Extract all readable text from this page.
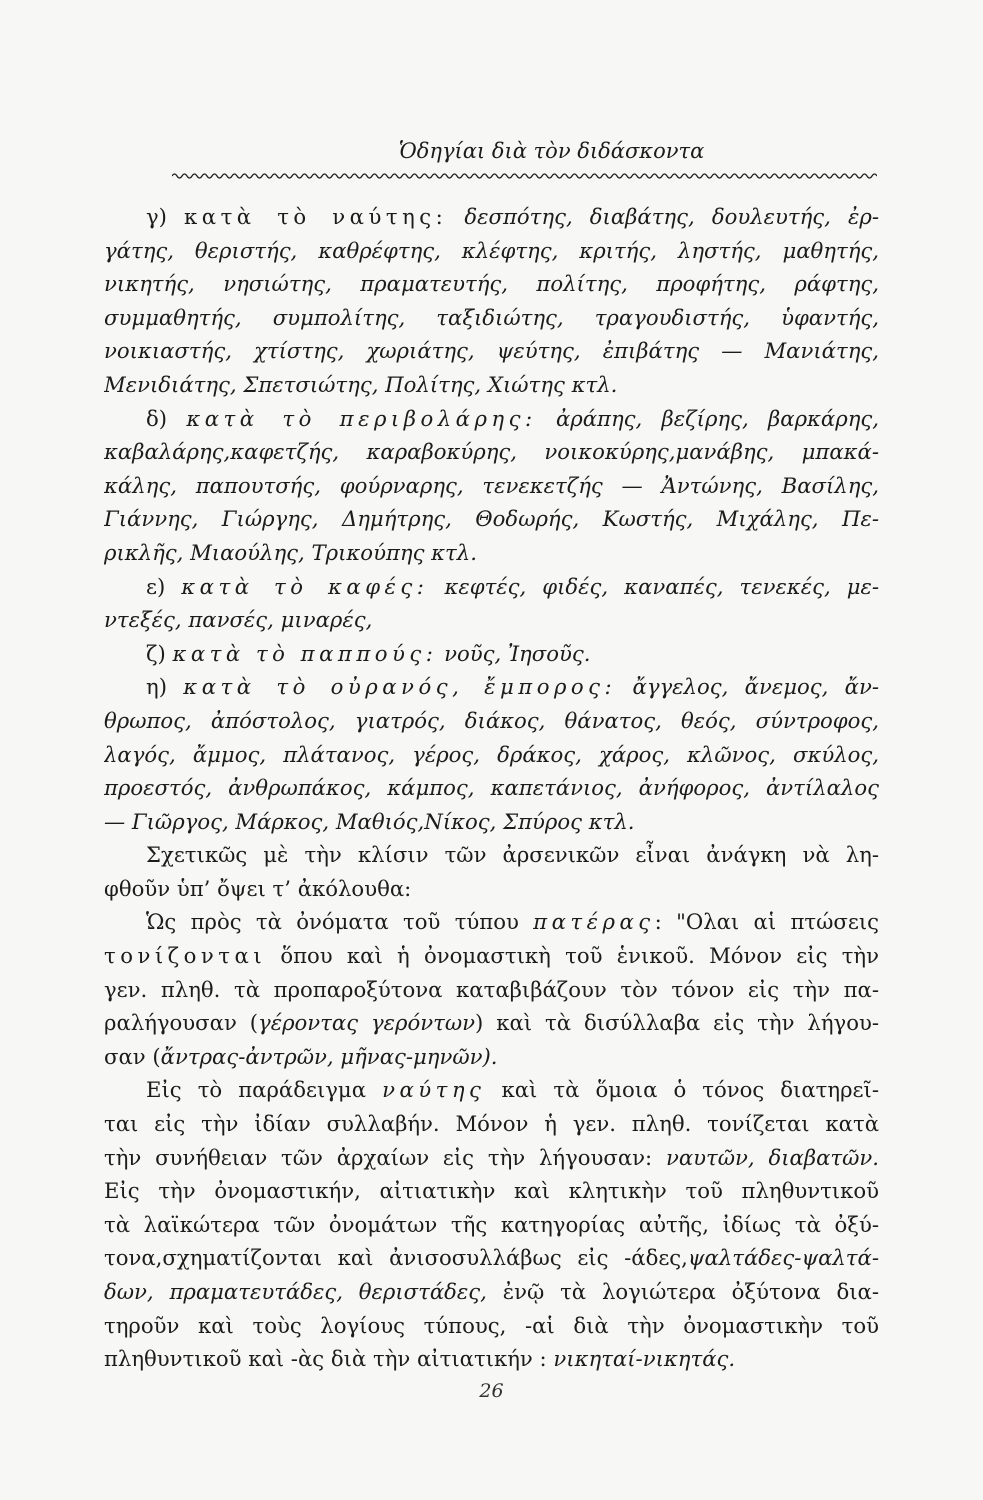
Ὁδηγίαι διὰ τὸν διδάσκοντα
γ) κατὰ τὸ ναύτης: δεσπότης, διαβάτης, δουλευτής, ἐρ-
γάτης, θεριστής, καθρέφτης, κλέφτης, κριτής, ληστής, μαθητής,
νικητής, νησιώτης, πραματευτής, πολίτης, προφήτης, ράφτης,
συμμαθητής, συμπολίτης, ταξιδιώτης, τραγουδιστής, ὑφαντής,
νοικιαστής, χτίστης, χωριάτης, ψεύτης, ἐπιβάτης — Μανιάτης,
Μενιδιάτης, Σπετσιώτης, Πολίτης, Χιώτης κτλ.
δ) κατὰ τὸ περιβολάρης: ἀράπης, βεζίρης, βαρκάρης,
καβαλάρης,καφετζής, καραβοκύρης, νοικοκύρης,μανάβης, μπακά-
κάλης, παπουτσής, φούρναρης, τενεκετζής — Ἀντώνης, Βασίλης,
Γιάννης, Γιώργης, Δημήτρης, Θοδωρής, Κωστής, Μιχάλης, Πε-
ρικλῆς, Μιαούλης, Τρικούπης κτλ.
ε) κατὰ τὸ καφές: κεφτές, φιδές, καναπές, τενεκές, με-
ντεξές, πανσές, μιναρές,
ζ) κατὰ τὸ παππούς: νοῦς, Ἰησοῦς.
η) κατὰ τὸ οὐρανός, ἔμπορος: ἄγγελος, ἄνεμος, ἄν-
θρωπος, ἀπόστολος, γιατρός, διάκος, θάνατος, θεός, σύντροφος,
λαγός, ἄμμος, πλάτανος, γέρος, δράκος, χάρος, κλῶνος, σκύλος,
προεστός, ἀνθρωπάκος, κάμπος, καπετάνιος, ἀνήφορος, ἀντίλαλος
— Γιῶργος, Μάρκος, Μαθιός,Νίκος, Σπύρος κτλ.
Σχετικῶς μὲ τὴν κλίσιν τῶν ἀρσενικῶν εἶναι ἀνάγκη νὰ λη-
φθοῦν ὑπ’ ὄψει τ’ ἀκόλουθα:
Ὡς πρὸς τὰ ὀνόματα τοῦ τύπου πατέρας: "Ολαι αἱ πτώσεις
τονίζονται ὅπου καὶ ἡ ὀνομαστικὴ τοῦ ἑνικοῦ. Μόνον εἰς τὴν
γεν. πληθ. τὰ προπαροξύτονα καταβιβάζουν τὸν τόνον εἰς τὴν πα-
ραλήγουσαν (γέροντας γερόντων) καὶ τὰ δισύλλαβα εἰς τὴν λήγου-
σαν (ἄντρας-ἀντρῶν, μῆνας-μηνῶν).
Εἰς τὸ παράδειγμα ναύτης καὶ τὰ ὅμοια ὁ τόνος διατηρεῖ-
ται εἰς τὴν ἰδίαν συλλαβήν. Μόνον ἡ γεν. πληθ. τονίζεται κατὰ
τὴν συνήθειαν τῶν ἀρχαίων εἰς τὴν λήγουσαν: ναυτῶν, διαβατῶν.
Εἰς τὴν ὀνομαστικήν, αἰτιατικὴν καὶ κλητικὴν τοῦ πληθυντικοῦ
τὰ λαϊκώτερα τῶν ὀνομάτων τῆς κατηγορίας αὐτῆς, ἰδίως τὰ ὀξύ-
τονα,σχηματίζονται καὶ ἀνισοσυλλάβως εἰς -άδες,ψαλτάδες-ψαλτά-
δων, πραματευτάδες, θεριστάδες, ἐνῷ τὰ λογιώτερα ὀξύτονα δια-
τηροῦν καὶ τοὺς λογίους τύπους, -αἱ διὰ τὴν ὀνομαστικὴν τοῦ
πληθυντικοῦ καὶ -ὰς διὰ τὴν αἰτιατικήν : νικηταί-νικητάς.
26
